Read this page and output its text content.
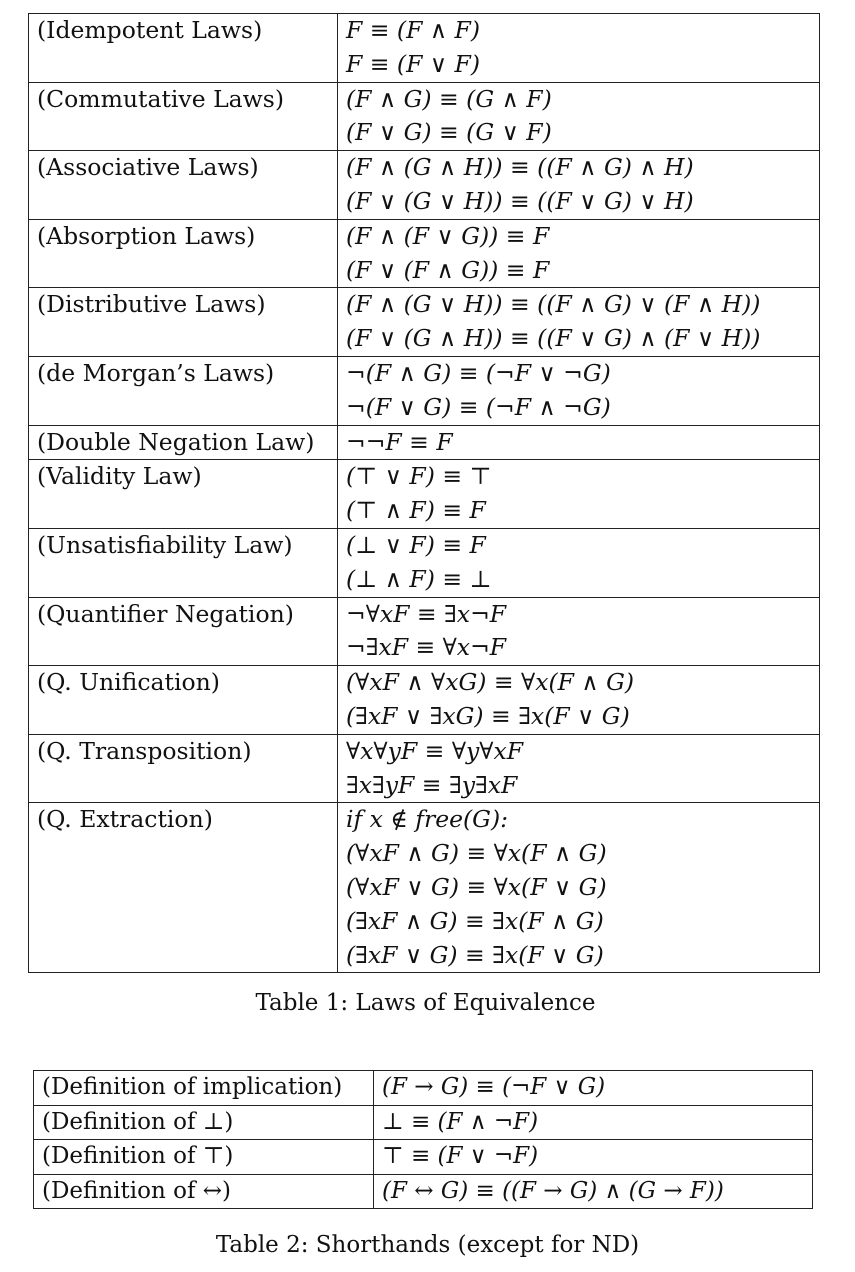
(Idempotent Laws)	F ≡ (F ∧ F)
F ≡ (F ∨ F)

(Commutative Laws)	(F ∧ G) ≡ (G ∧ F)
(F ∨ G) ≡ (G ∨ F)

(Associative Laws)	(F ∧ (G ∧ H)) ≡ ((F ∧ G) ∧ H)
(F ∨ (G ∨ H)) ≡ ((F ∨ G) ∨ H)

(Absorption Laws)	(F ∧ (F ∨ G)) ≡ F
(F ∨ (F ∧ G)) ≡ F

(Distributive Laws)	(F ∧ (G ∨ H)) ≡ ((F ∧ G) ∨ (F ∧ H))
(F ∨ (G ∧ H)) ≡ ((F ∨ G) ∧ (F ∨ H))

(de Morgan’s Laws)	¬(F ∧ G) ≡ (¬F ∨ ¬G)
¬(F ∨ G) ≡ (¬F ∧ ¬G)

(Double Negation Law)	¬¬F ≡ F

(Validity Law)	(⊤ ∨ F) ≡ ⊤
(⊤ ∧ F) ≡ F

(Unsatisfiability Law)	(⊥ ∨ F) ≡ F
(⊥ ∧ F) ≡ ⊥

(Quantifier Negation)	¬∀xF ≡ ∃x¬F
¬∃xF ≡ ∀x¬F

(Q. Unification)	(∀xF ∧ ∀xG) ≡ ∀x(F ∧ G)
(∃xF ∨ ∃xG) ≡ ∃x(F ∨ G)

(Q. Transposition)	∀x∀yF ≡ ∀y∀xF
∃x∃yF ≡ ∃y∃xF

(Q. Extraction)	if x ∉ free(G):
(∀xF ∧ G) ≡ ∀x(F ∧ G)
(∀xF ∨ G) ≡ ∀x(F ∨ G)
(∃xF ∧ G) ≡ ∃x(F ∧ G)
(∃xF ∨ G) ≡ ∃x(F ∨ G)
Table 1: Laws of Equivalence
(Definition of implication)	(F → G) ≡ (¬F ∨ G)

(Definition of ⊥)	⊥ ≡ (F ∧ ¬F)

(Definition of ⊤)	⊤ ≡ (F ∨ ¬F)

(Definition of ↔)	(F ↔ G) ≡ ((F → G) ∧ (G → F))
Table 2: Shorthands (except for ND)
